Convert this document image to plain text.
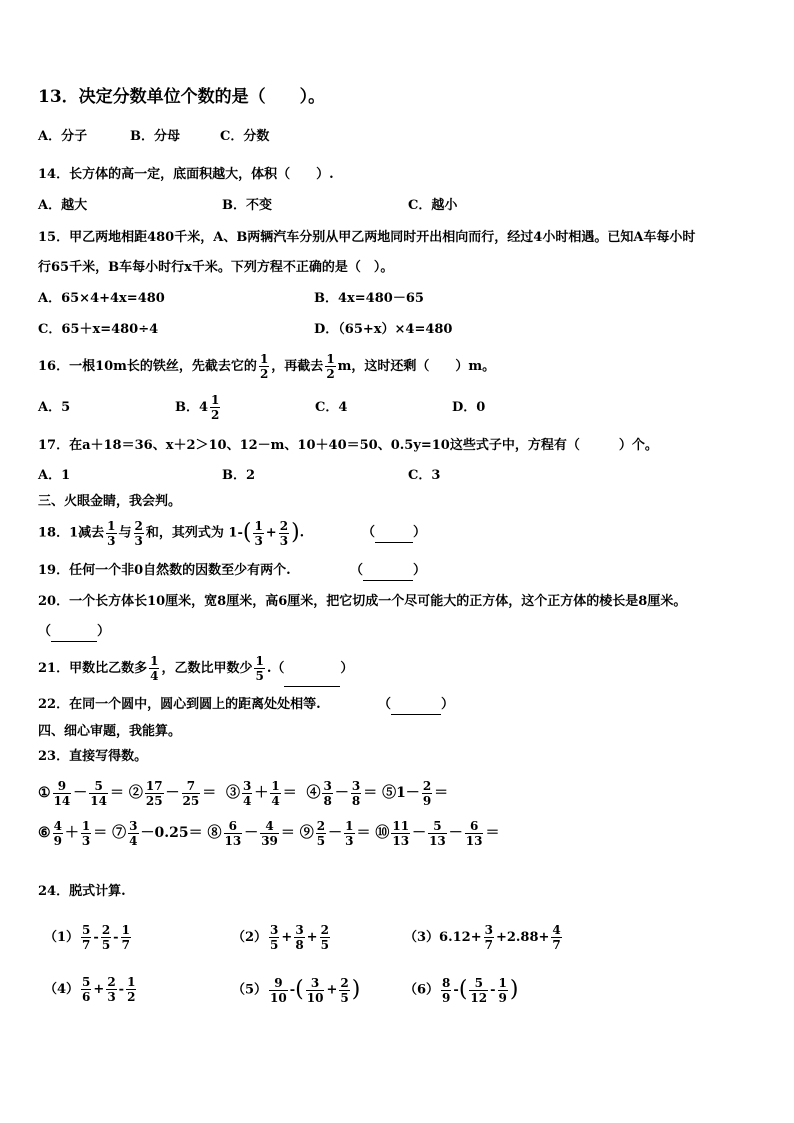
13．决定分数单位个数的是（　　）。
A．分子	B．分母	C．分数
14．长方体的高一定，底面积越大，体积（　　）.
A．越大	B．不变	C．越小
15．甲乙两地相距480千米，A、B两辆汽车分别从甲乙两地同时开出相向而行，经过4小时相遇。已知A车每小时
行65千米，B车每小时行x千米。下列方程不正确的是（　）。
A．65×4+4x=480	B．4x=480－65
C．65＋x=480÷4	D．（65+x）×4=480
16．一根10m长的铁丝，先截去它的 $\frac{1}{2}$ ，再截去 $\frac{1}{2}$ m，这时还剩（　　）m。
A．5	B．$4 \frac{1}{2}$	C．4	D．0
17．在a＋18＝36、x＋2＞10、12－m、10＋40＝50、0.5y=10这些式子中，方程有（　　　）个。
A．1	B．2	C．3
三、火眼金睛，我会判。
18．1减去 $\frac{1}{3}$ 与 $\frac{2}{3}$ 和，其列式为 $1-( \frac{1}{3} + \frac{2}{3}$ ).	（	）
19．任何一个非0自然数的因数至少有两个.	（	）
20．一个长方体长10厘米，宽8厘米，高6厘米，把它切成一个尽可能大的正方体，这个正方体的棱长是8厘米。
（	）
21．甲数比乙数多 $\frac{1}{4}$ ，乙数比甲数少 $\frac{1}{5}$ .（	）
22．在同一个圆中，圆心到圆上的距离处处相等.	（	）
四、细心审题，我能算。
23．直接写得数。
① $\frac{9}{14} - \frac{5}{14}$ ＝ ② $\frac{17}{25} - \frac{7}{25}$ ＝  ③ $\frac{3}{4} + \frac{1}{4}$ ＝  ④ $\frac{3}{8} - \frac{3}{8}$ ＝ ⑤1－ $\frac{2}{9}$ ＝
⑥ $\frac{4}{9} + \frac{1}{3}$ ＝ ⑦ $\frac{3}{4} -0.25=$ ⑧ $\frac{6}{13} - \frac{4}{39}$ ＝ ⑨ $\frac{2}{5} - \frac{1}{3}$ ＝ ⑩ $\frac{11}{13} - \frac{5}{13} - \frac{6}{13}$ ＝
24．脱式计算.
$(1) \frac{5}{7} - \frac{2}{5} - \frac{1}{7}$	$(2) \frac{3}{5} + \frac{3}{8} + \frac{2}{5}$	$(3)6.12+ \frac{3}{7} +2.88+ \frac{4}{7}$
$(4) \frac{5}{6} + \frac{2}{3} - \frac{1}{2}$	$(5) \frac{9}{10}$ -( $\frac{3}{10} + \frac{2}{5}$ )	$(6) \frac{8}{9}$ -( $\frac{5}{12} - \frac{1}{9}$ )
